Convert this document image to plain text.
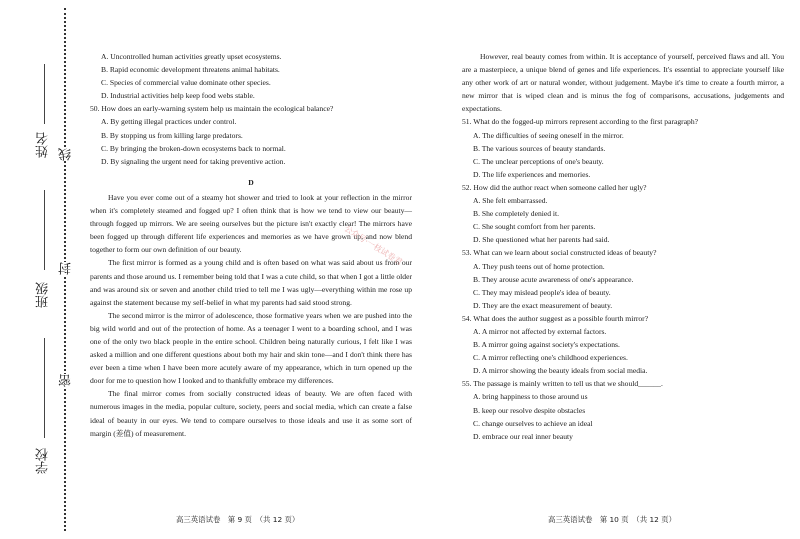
姓名
班级
学校
线
封
密
A. Uncontrolled human activities greatly upset ecosystems.
B. Rapid economic development threatens animal habitats.
C. Species of commercial value dominate other species.
D. Industrial activities help keep food webs stable.
50. How does an early-warning system help us maintain the ecological balance?
A. By getting illegal practices under control.
B. By stopping us from killing large predators.
C. By bringing the broken-down ecosystems back to normal.
D. By signaling the urgent need for taking preventive action.
D

Have you ever come out of a steamy hot shower and tried to look at your reflection in the mirror when it's completely steamed and fogged up? I often think that is how we tend to view our beauty—through fogged up mirrors. We are seeing ourselves but the picture isn't exactly clear! The mirrors have been fogged up through different life experiences and memories as we have grown up, and now blend together to form our own definition of our beauty.

The first mirror is formed as a young child and is often based on what was said about us from our parents and those around us. I remember being told that I was a cute child, so that when I got a little older and was around six or seven and another child tried to tell me I was ugly—everything within me rose up against the statement because my self-belief in what my parents had said stood strong.

The second mirror is the mirror of adolescence, those formative years when we are pushed into the big wild world and out of the protection of home. As a teenager I went to a boarding school, and I was one of the only two black people in the entire school. Children being naturally curious, I felt like I was asked a million and one different questions about both my hair and skin tone—and I don't think there has ever been a time when I have been more acutely aware of my appearance, which in turn opened up the door for me to question how I looked and to thankfully embrace my differences.

The final mirror comes from socially constructed ideas of beauty. We are often faced with numerous images in the media, popular culture, society, peers and social media, which can create a false ideal of beauty in our eyes. We tend to compare ourselves to those ideals and use it as some sort of margin (差值) of measurement.

However, real beauty comes from within. It is acceptance of yourself, perceived flaws and all. You are a masterpiece, a unique blend of genes and life experiences. It's essential to appreciate yourself like any other work of art or natural wonder, without judgement. Maybe it's time to create a fourth mirror, a new mirror that is wiped clean and is minus the fog of comparisons, accusations, judgements and expectations.

51. What do the fogged-up mirrors represent according to the first paragraph?
A. The difficulties of seeing oneself in the mirror.
B. The various sources of beauty standards.
C. The unclear perceptions of one's beauty.
D. The life experiences and memories.
52. How did the author react when someone called her ugly?
A. She felt embarrassed.
B. She completely denied it.
C. She sought comfort from her parents.
D. She questioned what her parents had said.
53. What can we learn about social constructed ideas of beauty?
A. They push teens out of home protection.
B. They arouse acute awareness of one's appearance.
C. They may mislead people's idea of beauty.
D. They are the exact measurement of beauty.
54. What does the author suggest as a possible fourth mirror?
A. A mirror not affected by external factors.
B. A mirror going against society's expectations.
C. A mirror reflecting one's childhood experiences.
D. A mirror showing the beauty ideals from social media.
55. The passage is mainly written to tell us that we should______.
A. bring happiness to those around us
B. keep our resolve despite obstacles
C. change ourselves to achieve an ideal
D. embrace our real inner beauty
公众号·一枝试卷君
高三英语试卷　第 9 页　（共 12 页）	高三英语试卷　第 10 页　（共 12 页）
